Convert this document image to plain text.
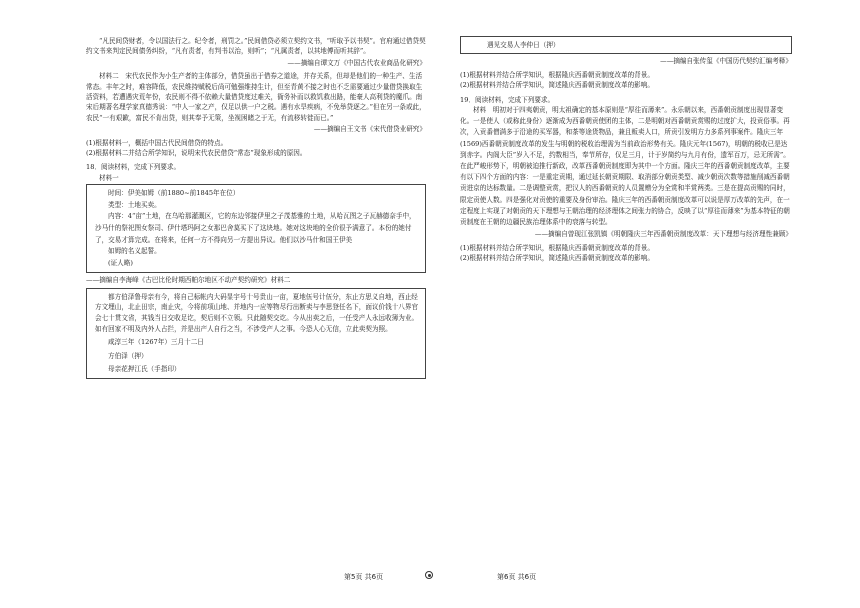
“凡民间贷财者，令以国法行之。纪令者，刑罚之。”民间借贷必须立契约文书，“听取予以书契”。官府通过借贷契约文书来判定民间债务纠纷，“凡有责者，有判书以治，则听”；“凡属责者，以其地傅而听其辞”。

——摘编自谭文万《中国古代农业商品化研究》

材料二　宋代农民作为小生产者的主体部分，借贷虽出于借券之道途，并存关系，但却是他们的一种生产、生活常态。丰年之时，难容降低，农民维持赋税后尚可勉强维持生计，但至青黄不接之时也不乏需要通过少量借贷换取生活资料，若遭遇灾荒年份，农民则不得不依赖大量借贷度过难关，衙务补而以救饥救出路，能豪人高利贷的魔爪。南宋后期著名理学家真德秀说：“中人一家之产，仅足以供一户之税。遇有水旱疾病，不免举贷逐之。”但在另一条或此，农民“一有艰歉，富民不肯出贷，则其奉予无策，坐视困睹之于无，有流移转徙而已。”

——摘编自王文书《宋代借贷业研究》

(1)根据材料一，概括中国古代民间借贷的特点。

(2)根据材料二并结合所学知识，说明宋代农民借贷“常态”现象形成的原因。

18．阅读材料，完成下列要求。

材料一

时间：伊美如姆（前1880~前1845年在位）

类型：土地买卖。

内容：4“亩”土地，在乌哈那灌溉区，它的东边邻接伊里之子茂基雅的土地，从哈瓦图之子瓦赫德奈手中，沙马什的祭祀图女祭司、伊什塔玛阿之女那巴舍莫买下了这块地。她对这块地的全价很予满意了。本份的她付了，交易才算完成。在将来，任何一方不得向另一方提出异议。他们以沙马什和国王伊美

如姆的名义起誓。

(证人略)

——摘编自李海峰《古巴比伦时期西帕尔地区不动产契约研究》材料二

都方伯泽鲁母亲有今，将自己标帐内大码显宇号十号贵山一亩，夏地伍号计伍分，东止方思义自地，西止经方文埋山，北止田宗，南止灾，今将前项山地、并地内一应等物尽行出断卖与李思登任名下，面议价钱十八界官会七十贯文省，其钱当日交收足讫，契后则不立领。只此随契交讫。今从出卖之后，一任受产人永远收簿为业。如有回家不明及内外人占拦，并是出产人自行之当，不涉受产人之事。今恐人心无信，立此卖契为照。

咸淳三年（1267年）三月十二日

方伯泽（押）

母亲花押江氏（手指印）

遇见交易人李仲日（押）

——摘编自张传玺《中国历代契约汇编考释》

(1)根据材料并结合所学知识，根据隆庆西番朝贡制度改革的背景。

(2)根据材料并结合所学知识，简述隆庆西番朝贡制度改革的影响。

19．阅读材料，完成下列要求。

材料　明初对于四夷朝贡，明太祖确定的基本原则是“厚往而薄来”。永乐朝以来，西番朝贡制度出现显著变化。一是使人（或称此身份）逐渐成为西番朝贡使团的主体，二是明朝对西番朝贡赏赐的过度扩大，投贡俗事。再次，入贡番僧满多于沿途的买军器，和茶等途货物品，兼且贩卖人口，所贡引发明方力多系列事案件。隆庆三年(1569)西番朝贡制度改革的发生与明朝的税收治理需为当前政治形势有关。隆庆元年(1567)，明朝的税收已是达到赤字。内阁大臣”岁入不足，约数相当，奉节所存，仅足三月，计于岁简约与九月有份，遗军百万，忌无所需”。在此严峻形势下，明朝被迫推行新政，改革西番朝贡制度即为其中一个方面。隆庆三年的西番朝贡制度改革，主要有以下四个方面的内容：一是重定贡期，通过延长朝贡期限、取消部分朝贡类型、减少朝贡次数等措施削减西番朝贡进京的达标数量。二是调整贡赏，把汉人的西番朝贡的人员置赠分为全赏和半赏两类。三是在提高贡赐的同时，限定贡使人数。四是强化对贡使的重要及身份审治。隆庆三年的西番朝贡制度改革可以说是厚万改革的先声，在一定程度上实现了对朝贡的天下理想与王朝治理的经济理体之间张力的协合，反映了以“厚往而薄来”为基本特征的朝贡制度在王朝的边疆民族治理体系中的衰落与转型。

——摘编自曾现江张凯镇《明朝隆庆三年西番朝贡制度改革：天下理想与经济理性兼顾》

(1)根据材料并结合所学知识，根据隆庆西番朝贡制度改革的背景。

(2)根据材料并结合所学知识，简述隆庆西番朝贡制度改革的影响。

第5页 共6页	第6页 共6页
